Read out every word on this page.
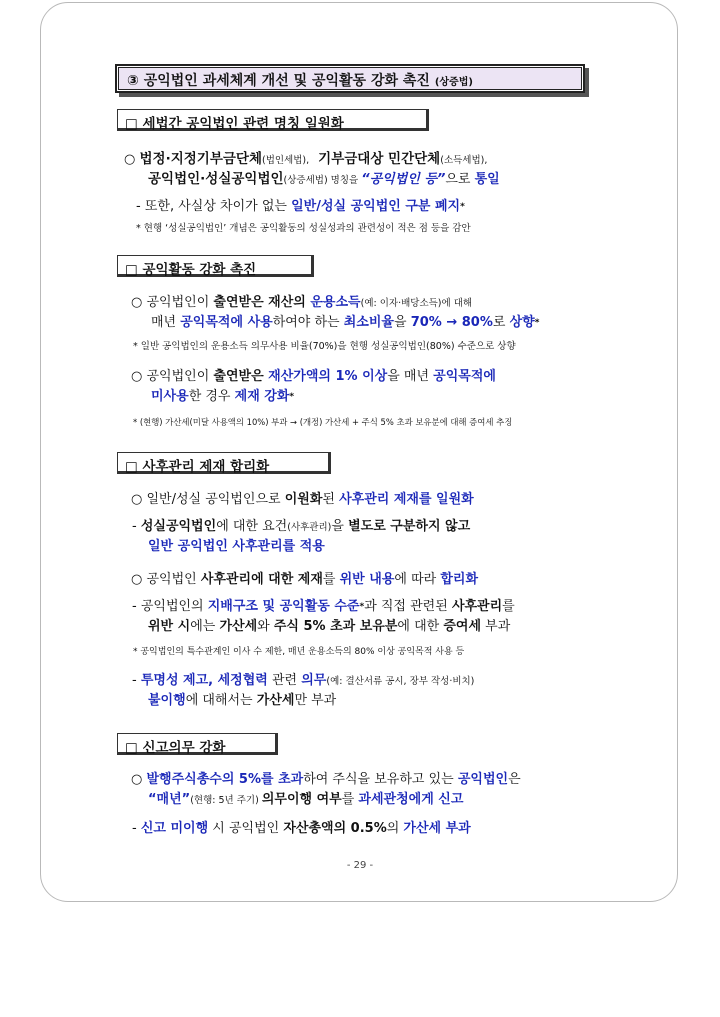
③ 공익법인 과세체계 개선 및 공익활동 강화 촉진 (상증법)
□ 세법간 공익법인 관련 명칭 일원화
○ 법정·지정기부금단체(법인세법), 기부금대상 민간단체(소득세법),
공익법인·성실공익법인(상증세법) 명칭을 “공익법인 등”으로 통일
- 또한, 사실상 차이가 없는 일반/성실 공익법인 구분 폐지*
* 현행 ‘성실공익법인’ 개념은 공익활동의 성실성과의 관련성이 적은 점 등을 감안
□ 공익활동 강화 촉진
○ 공익법인이 출연받은 재산의 운용소득(예: 이자·배당소득)에 대해
매년 공익목적에 사용하여야 하는 최소비율을 70% → 80%로 상향*
* 일반 공익법인의 운용소득 의무사용 비율(70%)을 현행 성실공익법인(80%) 수준으로 상향
○ 공익법인이 출연받은 재산가액의 1% 이상을 매년 공익목적에
미사용한 경우 제재 강화*
* (현행) 가산세(미달 사용액의 10%) 부과 → (개정) 가산세 + 주식 5% 초과 보유분에 대해 증여세 추징
□ 사후관리 제재 합리화
○ 일반/성실 공익법인으로 이원화된 사후관리 제재를 일원화
- 성실공익법인에 대한 요건(사후관리)을 별도로 구분하지 않고
일반 공익법인 사후관리를 적용
○ 공익법인 사후관리에 대한 제재를 위반 내용에 따라 합리화
- 공익법인의 지배구조 및 공익활동 수준*과 직접 관련된 사후관리를
위반 시에는 가산세와 주식 5% 초과 보유분에 대한 증여세 부과
* 공익법인의 특수관계인 이사 수 제한, 매년 운용소득의 80% 이상 공익목적 사용 등
- 투명성 제고, 세정협력 관련 의무(예: 결산서류 공시, 장부 작성·비치)
불이행에 대해서는 가산세만 부과
□ 신고의무 강화
○ 발행주식총수의 5%를 초과하여 주식을 보유하고 있는 공익법인은
“매년”(현행: 5년 주기) 의무이행 여부를 과세관청에게 신고
- 신고 미이행 시 공익법인 자산총액의 0.5%의 가산세 부과
- 29 -
